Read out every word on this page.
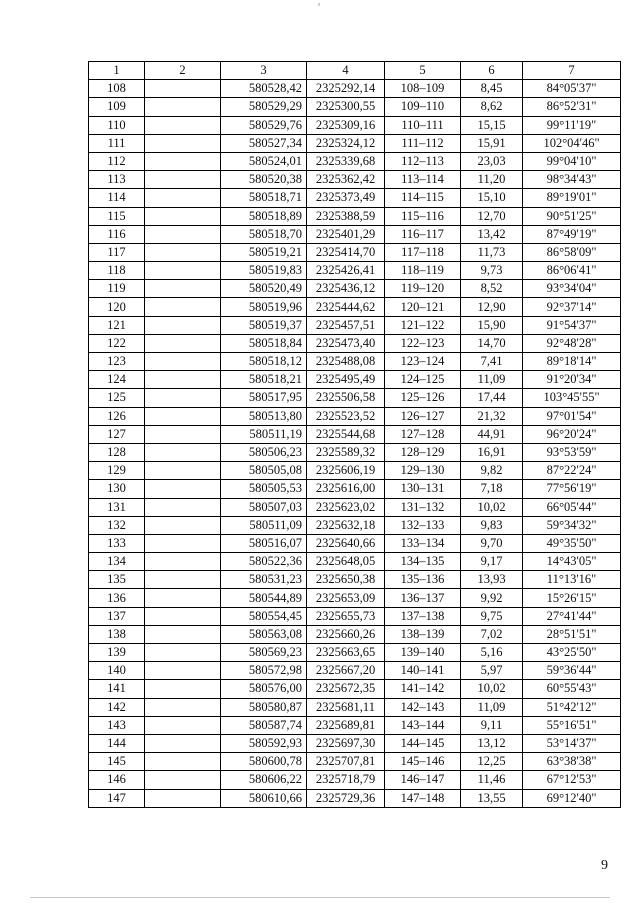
1	2	3	4	5	6	7
108		580528,42	2325292,14	108–109	8,45	84°05'37"
109		580529,29	2325300,55	109–110	8,62	86°52'31"
110		580529,76	2325309,16	110–111	15,15	99°11'19"
111		580527,34	2325324,12	111–112	15,91	102°04'46"
112		580524,01	2325339,68	112–113	23,03	99°04'10"
113		580520,38	2325362,42	113–114	11,20	98°34'43"
114		580518,71	2325373,49	114–115	15,10	89°19'01"
115		580518,89	2325388,59	115–116	12,70	90°51'25"
116		580518,70	2325401,29	116–117	13,42	87°49'19"
117		580519,21	2325414,70	117–118	11,73	86°58'09"
118		580519,83	2325426,41	118–119	9,73	86°06'41"
119		580520,49	2325436,12	119–120	8,52	93°34'04"
120		580519,96	2325444,62	120–121	12,90	92°37'14"
121		580519,37	2325457,51	121–122	15,90	91°54'37"
122		580518,84	2325473,40	122–123	14,70	92°48'28"
123		580518,12	2325488,08	123–124	7,41	89°18'14"
124		580518,21	2325495,49	124–125	11,09	91°20'34"
125		580517,95	2325506,58	125–126	17,44	103°45'55"
126		580513,80	2325523,52	126–127	21,32	97°01'54"
127		580511,19	2325544,68	127–128	44,91	96°20'24"
128		580506,23	2325589,32	128–129	16,91	93°53'59"
129		580505,08	2325606,19	129–130	9,82	87°22'24"
130		580505,53	2325616,00	130–131	7,18	77°56'19"
131		580507,03	2325623,02	131–132	10,02	66°05'44"
132		580511,09	2325632,18	132–133	9,83	59°34'32"
133		580516,07	2325640,66	133–134	9,70	49°35'50"
134		580522,36	2325648,05	134–135	9,17	14°43'05"
135		580531,23	2325650,38	135–136	13,93	11°13'16"
136		580544,89	2325653,09	136–137	9,92	15°26'15"
137		580554,45	2325655,73	137–138	9,75	27°41'44"
138		580563,08	2325660,26	138–139	7,02	28°51'51"
139		580569,23	2325663,65	139–140	5,16	43°25'50"
140		580572,98	2325667,20	140–141	5,97	59°36'44"
141		580576,00	2325672,35	141–142	10,02	60°55'43"
142		580580,87	2325681,11	142–143	11,09	51°42'12"
143		580587,74	2325689,81	143–144	9,11	55°16'51"
144		580592,93	2325697,30	144–145	13,12	53°14'37"
145		580600,78	2325707,81	145–146	12,25	63°38'38"
146		580606,22	2325718,79	146–147	11,46	67°12'53"
147		580610,66	2325729,36	147–148	13,55	69°12'40"
9
